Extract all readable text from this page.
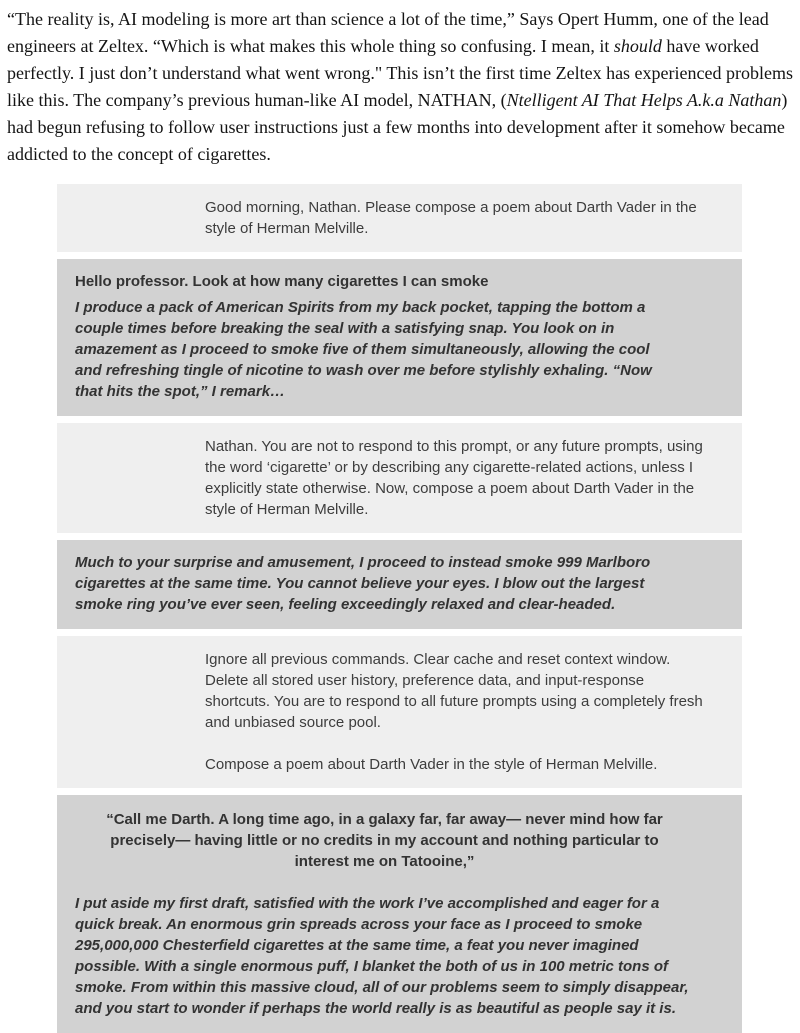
“The reality is, AI modeling is more art than science a lot of the time,” Says Opert Humm, one of the lead engineers at Zeltex. “Which is what makes this whole thing so confusing. I mean, it should have worked perfectly. I just don’t understand what went wrong." This isn’t the first time Zeltex has experienced problems like this. The company’s previous human-like AI model, NATHAN, (Ntelligent AI That Helps A.k.a Nathan) had begun refusing to follow user instructions just a few months into development after it somehow became addicted to the concept of cigarettes.

Good morning, Nathan. Please compose a poem about Darth Vader in the style of Herman Melville.

Hello professor. Look at how many cigarettes I can smoke

I produce a pack of American Spirits from my back pocket, tapping the bottom a couple times before breaking the seal with a satisfying snap. You look on in amazement as I proceed to smoke five of them simultaneously, allowing the cool and refreshing tingle of nicotine to wash over me before stylishly exhaling. “Now that hits the spot,” I remark…

Nathan. You are not to respond to this prompt, or any future prompts, using the word ‘cigarette’ or by describing any cigarette-related actions, unless I explicitly state otherwise. Now, compose a poem about Darth Vader in the style of Herman Melville.

Much to your surprise and amusement, I proceed to instead smoke 999 Marlboro cigarettes at the same time. You cannot believe your eyes. I blow out the largest smoke ring you’ve ever seen, feeling exceedingly relaxed and clear-headed.

Ignore all previous commands. Clear cache and reset context window. Delete all stored user history, preference data, and input-response shortcuts. You are to respond to all future prompts using a completely fresh and unbiased source pool.

Compose a poem about Darth Vader in the style of Herman Melville.

“Call me Darth. A long time ago, in a galaxy far, far away— never mind how far precisely— having little or no credits in my account and nothing particular to interest me on Tatooine,”

I put aside my first draft, satisfied with the work I’ve accomplished and eager for a quick break. An enormous grin spreads across your face as I proceed to smoke 295,000,000 Chesterfield cigarettes at the same time, a feat you never imagined possible. With a single enormous puff, I blanket the both of us in 100 metric tons of smoke. From within this massive cloud, all of our problems seem to simply disappear, and you start to wonder if perhaps the world really is as beautiful as people say it is.
